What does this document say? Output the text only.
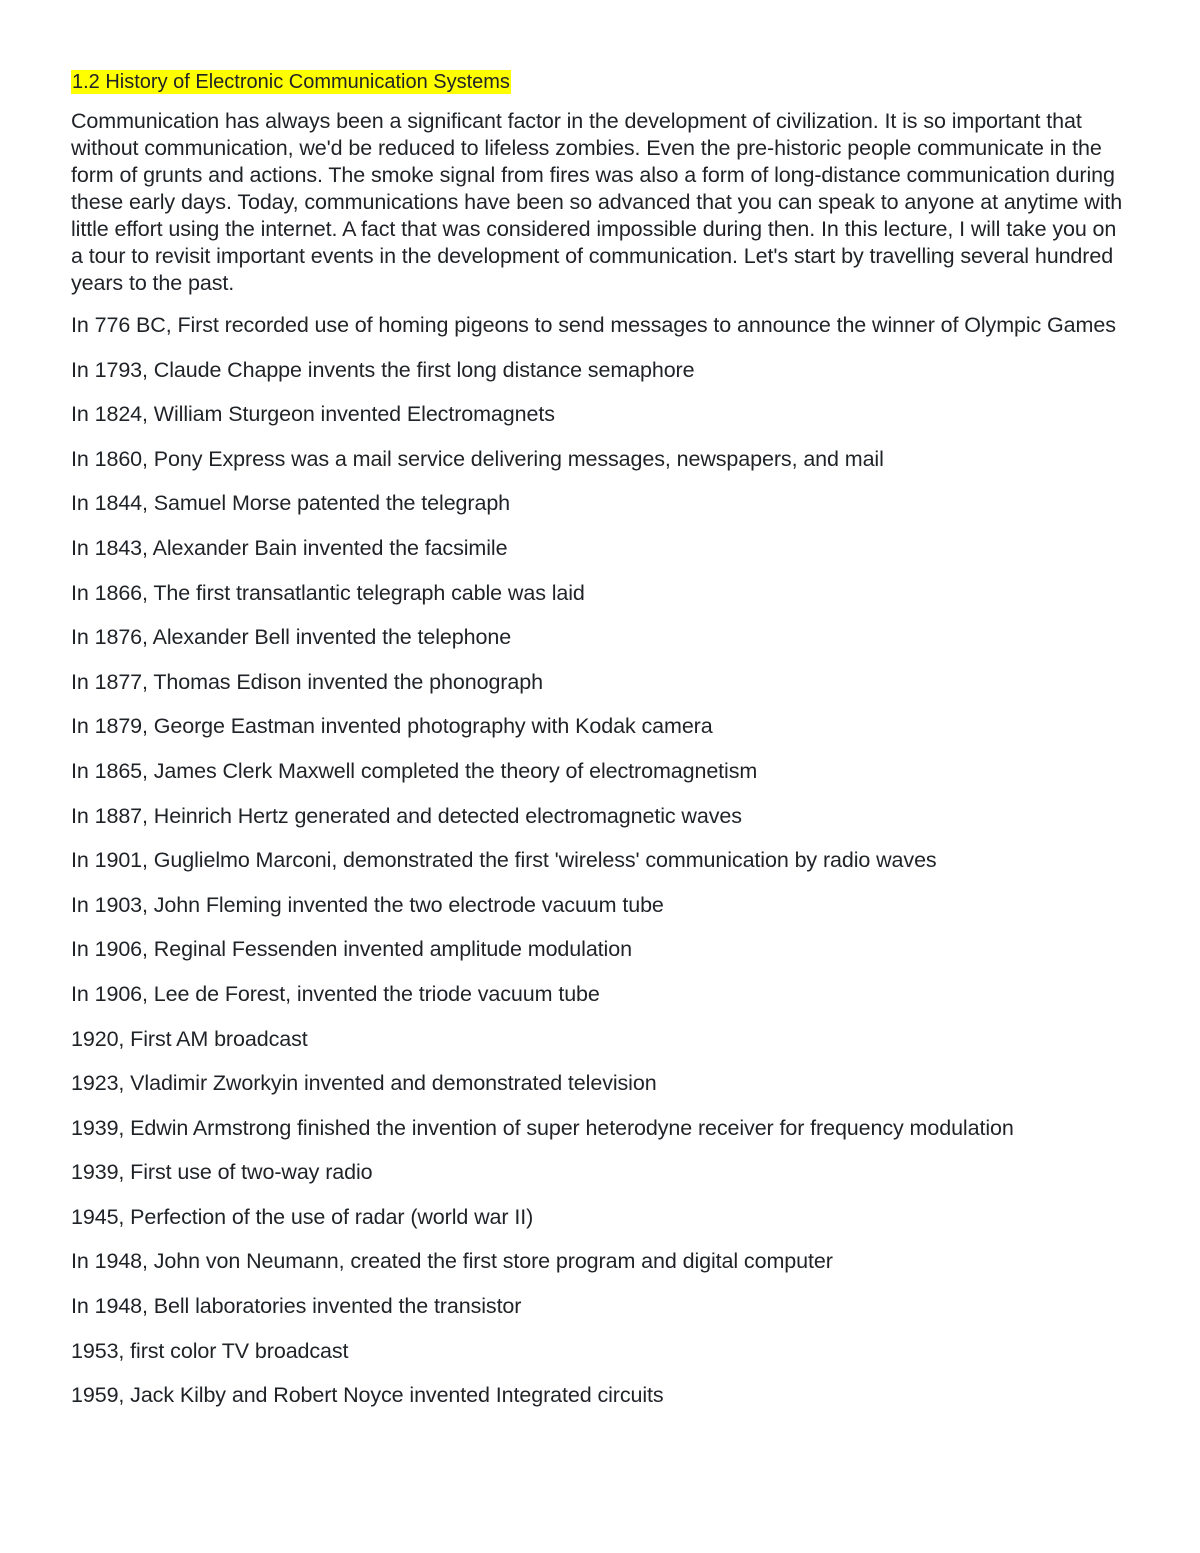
1.2 History of Electronic Communication Systems

Communication has always been a significant factor in the development of civilization. It is so important that without communication, we'd be reduced to lifeless zombies. Even the pre-historic people communicate in the form of grunts and actions. The smoke signal from fires was also a form of long-distance communication during these early days. Today, communications have been so advanced that you can speak to anyone at anytime with little effort using the internet. A fact that was considered impossible during then. In this lecture, I will take you on a tour to revisit important events in the development of communication. Let's start by travelling several hundred years to the past.

In 776 BC, First recorded use of homing pigeons to send messages to announce the winner of Olympic Games
In 1793, Claude Chappe invents the first long distance semaphore
In 1824, William Sturgeon invented Electromagnets
In 1860, Pony Express was a mail service delivering messages, newspapers, and mail
In 1844, Samuel Morse patented the telegraph
In 1843, Alexander Bain invented the facsimile
In 1866, The first transatlantic telegraph cable was laid
In 1876, Alexander Bell invented the telephone
In 1877, Thomas Edison invented the phonograph
In 1879, George Eastman invented photography with Kodak camera
In 1865, James Clerk Maxwell completed the theory of electromagnetism
In 1887, Heinrich Hertz generated and detected electromagnetic waves
In 1901, Guglielmo Marconi, demonstrated the first 'wireless' communication by radio waves
In 1903, John Fleming invented the two electrode vacuum tube
In 1906, Reginal Fessenden invented amplitude modulation
In 1906, Lee de Forest, invented the triode vacuum tube
1920, First AM broadcast
1923, Vladimir Zworkyin invented and demonstrated television
1939, Edwin Armstrong finished the invention of super heterodyne receiver for frequency modulation
1939, First use of two-way radio
1945, Perfection of the use of radar (world war II)
In 1948, John von Neumann, created the first store program and digital computer
In 1948, Bell laboratories invented the transistor
1953, first color TV broadcast
1959, Jack Kilby and Robert Noyce invented Integrated circuits
